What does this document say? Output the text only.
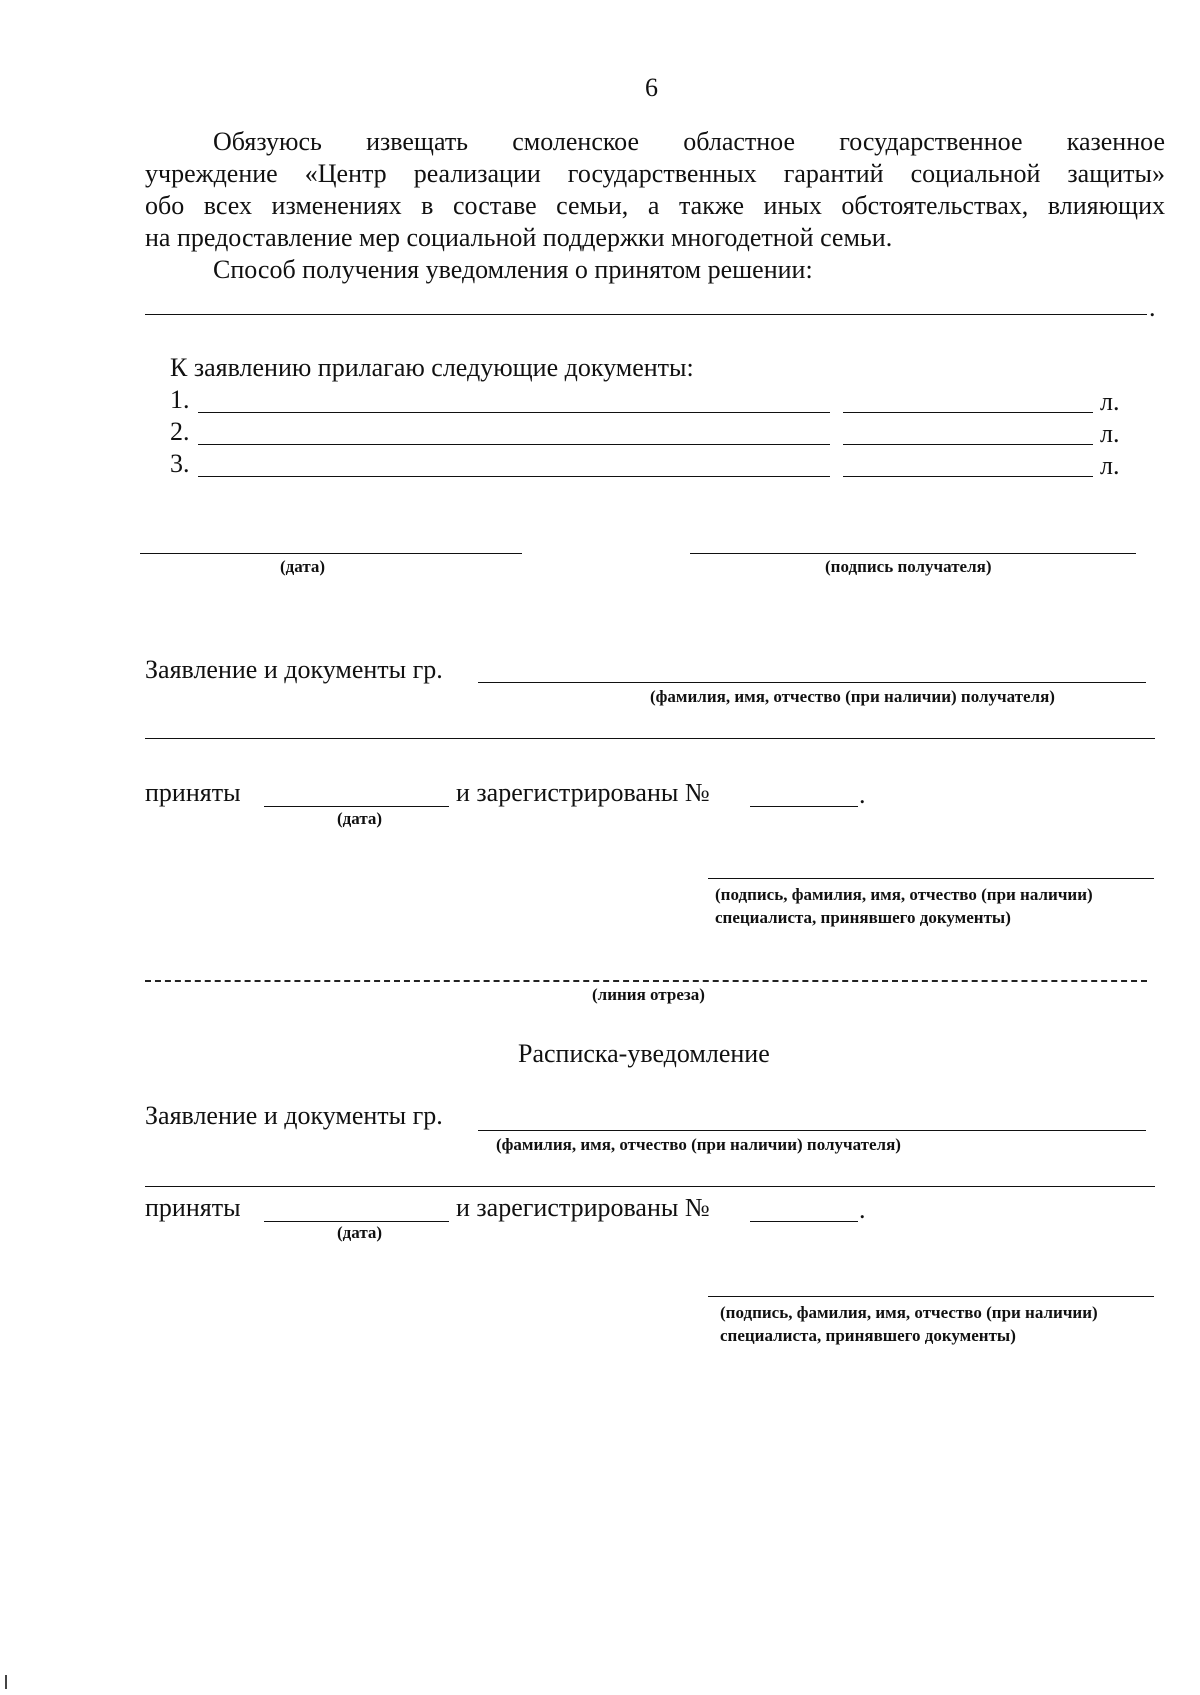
6
Обязуюсь извещать смоленское областное государственное казенное
учреждение «Центр реализации государственных гарантий социальной защиты»
обо всех изменениях в составе семьи, а также иных обстоятельствах, влияющих
на предоставление мер социальной поддержки многодетной семьи.
Способ получения уведомления о принятом решении:
.
К заявлению прилагаю следующие документы:
1.	л.
2.	л.
3.	л.
(дата)	(подпись получателя)
Заявление и документы гр.
(фамилия, имя, отчество (при наличии) получателя)
приняты
(дата)
и зарегистрированы №	.
(подпись, фамилия, имя, отчество (при наличии)
специалиста, принявшего документы)
(линия отреза)
Расписка-уведомление
Заявление и документы гр.
(фамилия, имя, отчество (при наличии) получателя)
приняты
(дата)
и зарегистрированы №	.
(подпись, фамилия, имя, отчество (при наличии)
специалиста, принявшего документы)
